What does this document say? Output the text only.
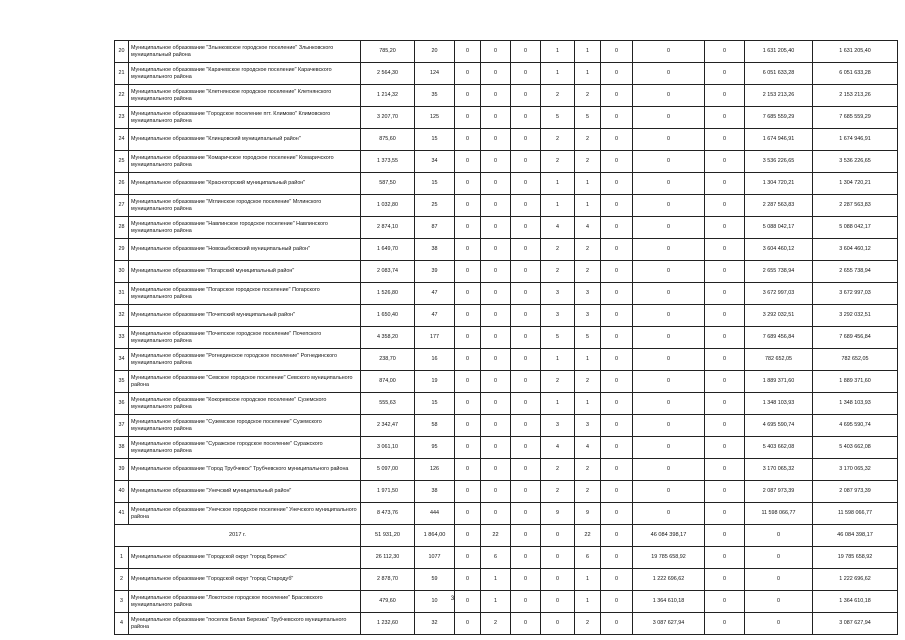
20	Муниципальное образование "Злынковское городское поселение" Злынковского муниципальный района	785,20	20	0	0	0	1	1	0	0	0	1 631 205,40	1 631 205,40
21	Муниципальное образование "Карачевское городское поселение" Карачевского муниципального района	2 564,30	124	0	0	0	1	1	0	0	0	6 051 633,28	6 051 633,28
22	Муниципальное образование "Клетнянское городское поселение" Клетнянского муниципального района	1 214,32	35	0	0	0	2	2	0	0	0	2 153 213,26	2 153 213,26
23	Муниципальное образование "Городское поселение пгт. Климово" Климовского муниципального района	3 207,70	125	0	0	0	5	5	0	0	0	7 685 559,29	7 685 559,29
24	Муниципальное образование "Клинцовский муниципальный район"	875,60	15	0	0	0	2	2	0	0	0	1 674 946,91	1 674 946,91
25	Муниципальное образование "Комаричское городское поселение" Комаричского муниципального района	1 373,55	34	0	0	0	2	2	0	0	0	3 536 226,65	3 536 226,65
26	Муниципальное образование "Красногорский муниципальный район"	587,50	15	0	0	0	1	1	0	0	0	1 304 720,21	1 304 720,21
27	Муниципальное образование "Мглинское городское поселение" Мглинского муниципального района	1 032,80	25	0	0	0	1	1	0	0	0	2 287 563,83	2 287 563,83
28	Муниципальное образование "Навлинское городское поселение" Навлинского муниципального района	2 874,10	87	0	0	0	4	4	0	0	0	5 088 042,17	5 088 042,17
29	Муниципальное образование "Новозыбковский муниципальный район"	1 649,70	38	0	0	0	2	2	0	0	0	3 604 460,12	3 604 460,12
30	Муниципальное образование "Погарский муниципальный район"	2 083,74	39	0	0	0	2	2	0	0	0	2 655 738,94	2 655 738,94
31	Муниципальное образование "Погарское городское поселение" Погарского муниципального района	1 526,80	47	0	0	0	3	3	0	0	0	3 672 997,03	3 672 997,03
32	Муниципальное образование "Почепский муниципальный район"	1 650,40	47	0	0	0	3	3	0	0	0	3 292 032,51	3 292 032,51
33	Муниципальное образование "Почепское городское поселение" Почепского муниципального района	4 358,20	177	0	0	0	5	5	0	0	0	7 689 456,84	7 689 456,84
34	Муниципальное образование "Рогнединское городское поселение" Рогнединского муниципального района	238,70	16	0	0	0	1	1	0	0	0	782 652,05	782 652,05
35	Муниципальное образование "Севское городское поселение" Севского муниципального района	874,00	19	0	0	0	2	2	0	0	0	1 889 371,60	1 889 371,60
36	Муниципальное образование "Кокоревское городское поселение" Суземского муниципального района	555,63	15	0	0	0	1	1	0	0	0	1 348 103,93	1 348 103,93
37	Муниципальное образование "Суземское городское поселение" Суземского муниципального района	2 342,47	58	0	0	0	3	3	0	0	0	4 695 590,74	4 695 590,74
38	Муниципальное образование "Суражское городское поселение" Суражского муниципального района	3 061,10	95	0	0	0	4	4	0	0	0	5 403 662,08	5 403 662,08
39	Муниципальное образование "Город Трубчевск" Трубчевского муниципального района	5 097,00	126	0	0	0	2	2	0	0	0	3 170 065,32	3 170 065,32
40	Муниципальное образование "Унечский муниципальный район"	1 971,50	38	0	0	0	2	2	0	0	0	2 087 973,39	2 087 973,39
41	Муниципальное образование "Унечское городское поселение" Унечского муниципального района	8 473,76	444	0	0	0	9	9	0	0	0	11 598 066,77	11 598 066,77
2017 г.		51 931,20	1 864,00	0	22	0	0	22	0	46 084 398,17	0	0	46 084 398,17
1	Муниципальное образование "Городской округ "город Брянск"	26 112,30	1077	0	6	0	0	6	0	19 785 658,92	0	0	19 785 658,92
2	Муниципальное образование "Городской округ "город Стародуб"	2 878,70	59	0	1	0	0	1	0	1 222 696,62	0	0	1 222 696,62
3	Муниципальное образование "Локотское городское поселение" Брасовского муниципального района	479,60	10	0	1	0	0	1	0	1 364 610,18	0	0	1 364 610,18
4	Муниципальное образование "поселок Белая Березка" Трубчевского муниципального района	1 232,60	32	0	2	0	0	2	0	3 087 627,94	0	0	3 087 627,94
3
